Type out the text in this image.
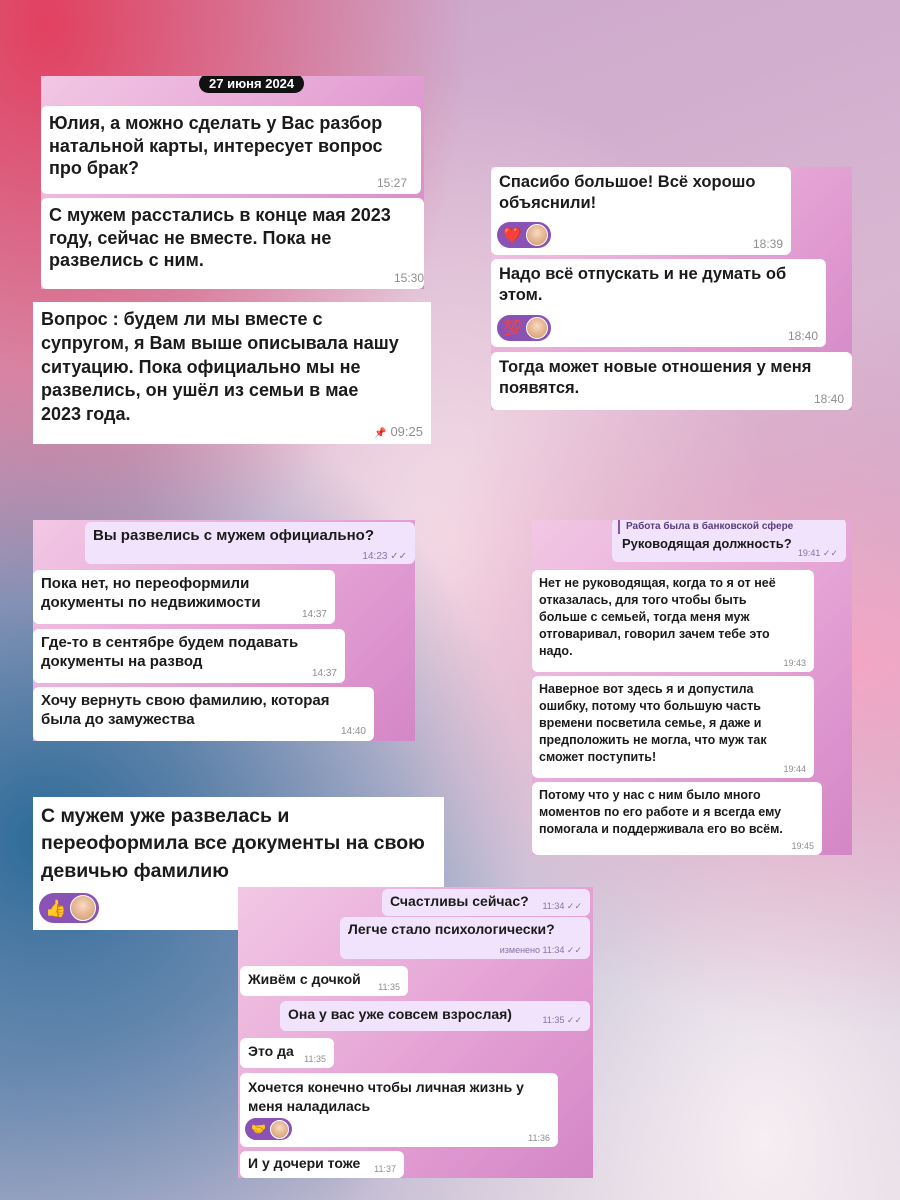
27 июня 2024
Юлия, а можно сделать у Вас разбор
натальной карты, интересует вопрос
про брак?
15:27
С мужем расстались в конце мая 2023
году, сейчас не вместе. Пока не
развелись с ним.
15:30
Вопрос : будем ли мы вместе с
супругом, я Вам выше описывала нашу
ситуацию. Пока официально мы не
развелись, он ушёл из семьи в мае
2023 года.
📌 09:25
Спасибо большое! Всё хорошо
объяснили!
❤️
18:39
Надо всё отпускать и не думать об
этом.
💯	18:40
Тогда может новые отношения у меня
появятся.
18:40
Вы развелись с мужем официально?
14:23 ✓✓
Пока нет, но переоформили
документы по недвижимости
14:37
Где-то в сентябре будем подавать
документы на развод
14:37
Хочу вернуть свою фамилию, которая
была до замужества
14:40
Работа была в банковской сфере
Руководящая должность?
19:41 ✓✓
Нет не руководящая, когда то я от неё
отказалась, для того чтобы быть
больше с семьей, тогда меня муж
отговаривал, говорил зачем тебе это
надо.
19:43
Наверное вот здесь я и допустила
ошибку, потому что большую часть
времени посветила семье, я даже и
предположить не могла, что муж так
сможет поступить!
19:44
Потому что у нас с ним было много
моментов по его работе и я всегда ему
помогала и поддерживала его во всём.
19:45
С мужем уже развелась и
переоформила все документы на свою
девичью фамилию
👍	Счастливы сейчас?	11:34 ✓✓
Легче стало психологически?
изменено 11:34 ✓✓
Живём с дочкой	11:35
Она у вас уже совсем взрослая)	11:35 ✓✓
Это да	11:35
Хочется конечно чтобы личная жизнь у
меня наладилась
🤝
11:36
И у дочери тоже	11:37
